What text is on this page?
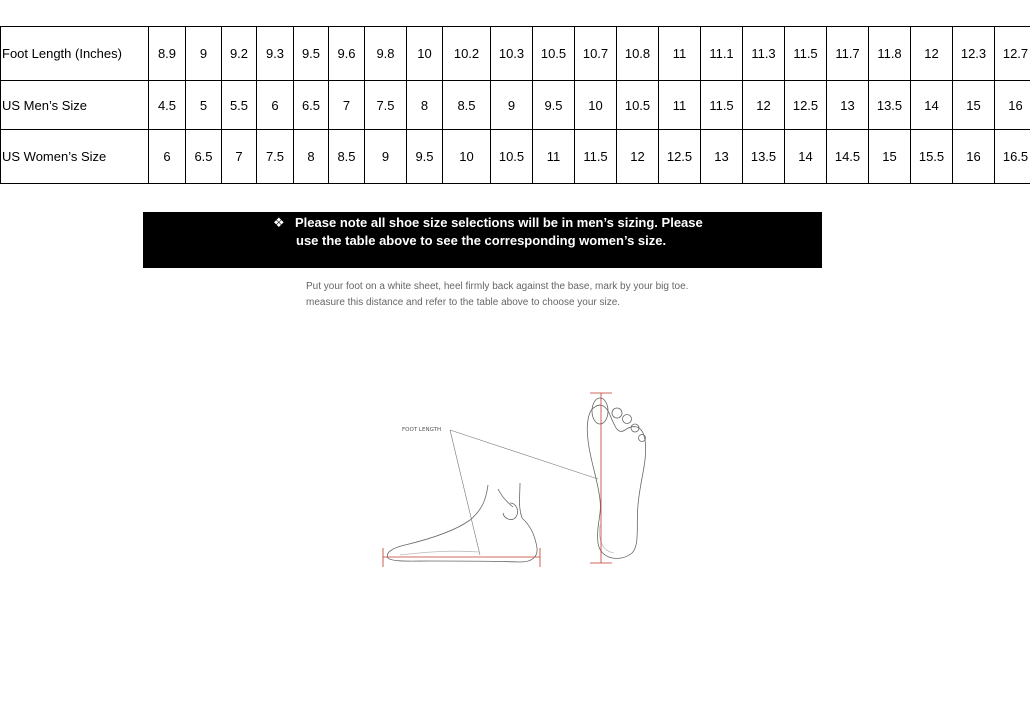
Foot Length (Inches)	8.9	9	9.2	9.3	9.5	9.6	9.8	10	10.2	10.3	10.5	10.7	10.8	11	11.1	11.3	11.5	11.7	11.8	12	12.3	12.7
US Men’s Size	4.5	5	5.5	6	6.5	7	7.5	8	8.5	9	9.5	10	10.5	11	11.5	12	12.5	13	13.5	14	15	16
US Women’s Size	6	6.5	7	7.5	8	8.5	9	9.5	10	10.5	11	11.5	12	12.5	13	13.5	14	14.5	15	15.5	16	16.5
❖ Please note all shoe size selections will be in men’s sizing. Please
use the table above to see the corresponding women’s size.
Put your foot on a white sheet, heel firmly back against the base, mark by your big toe.
measure this distance and refer to the table above to choose your size.
FOOT LENGTH
